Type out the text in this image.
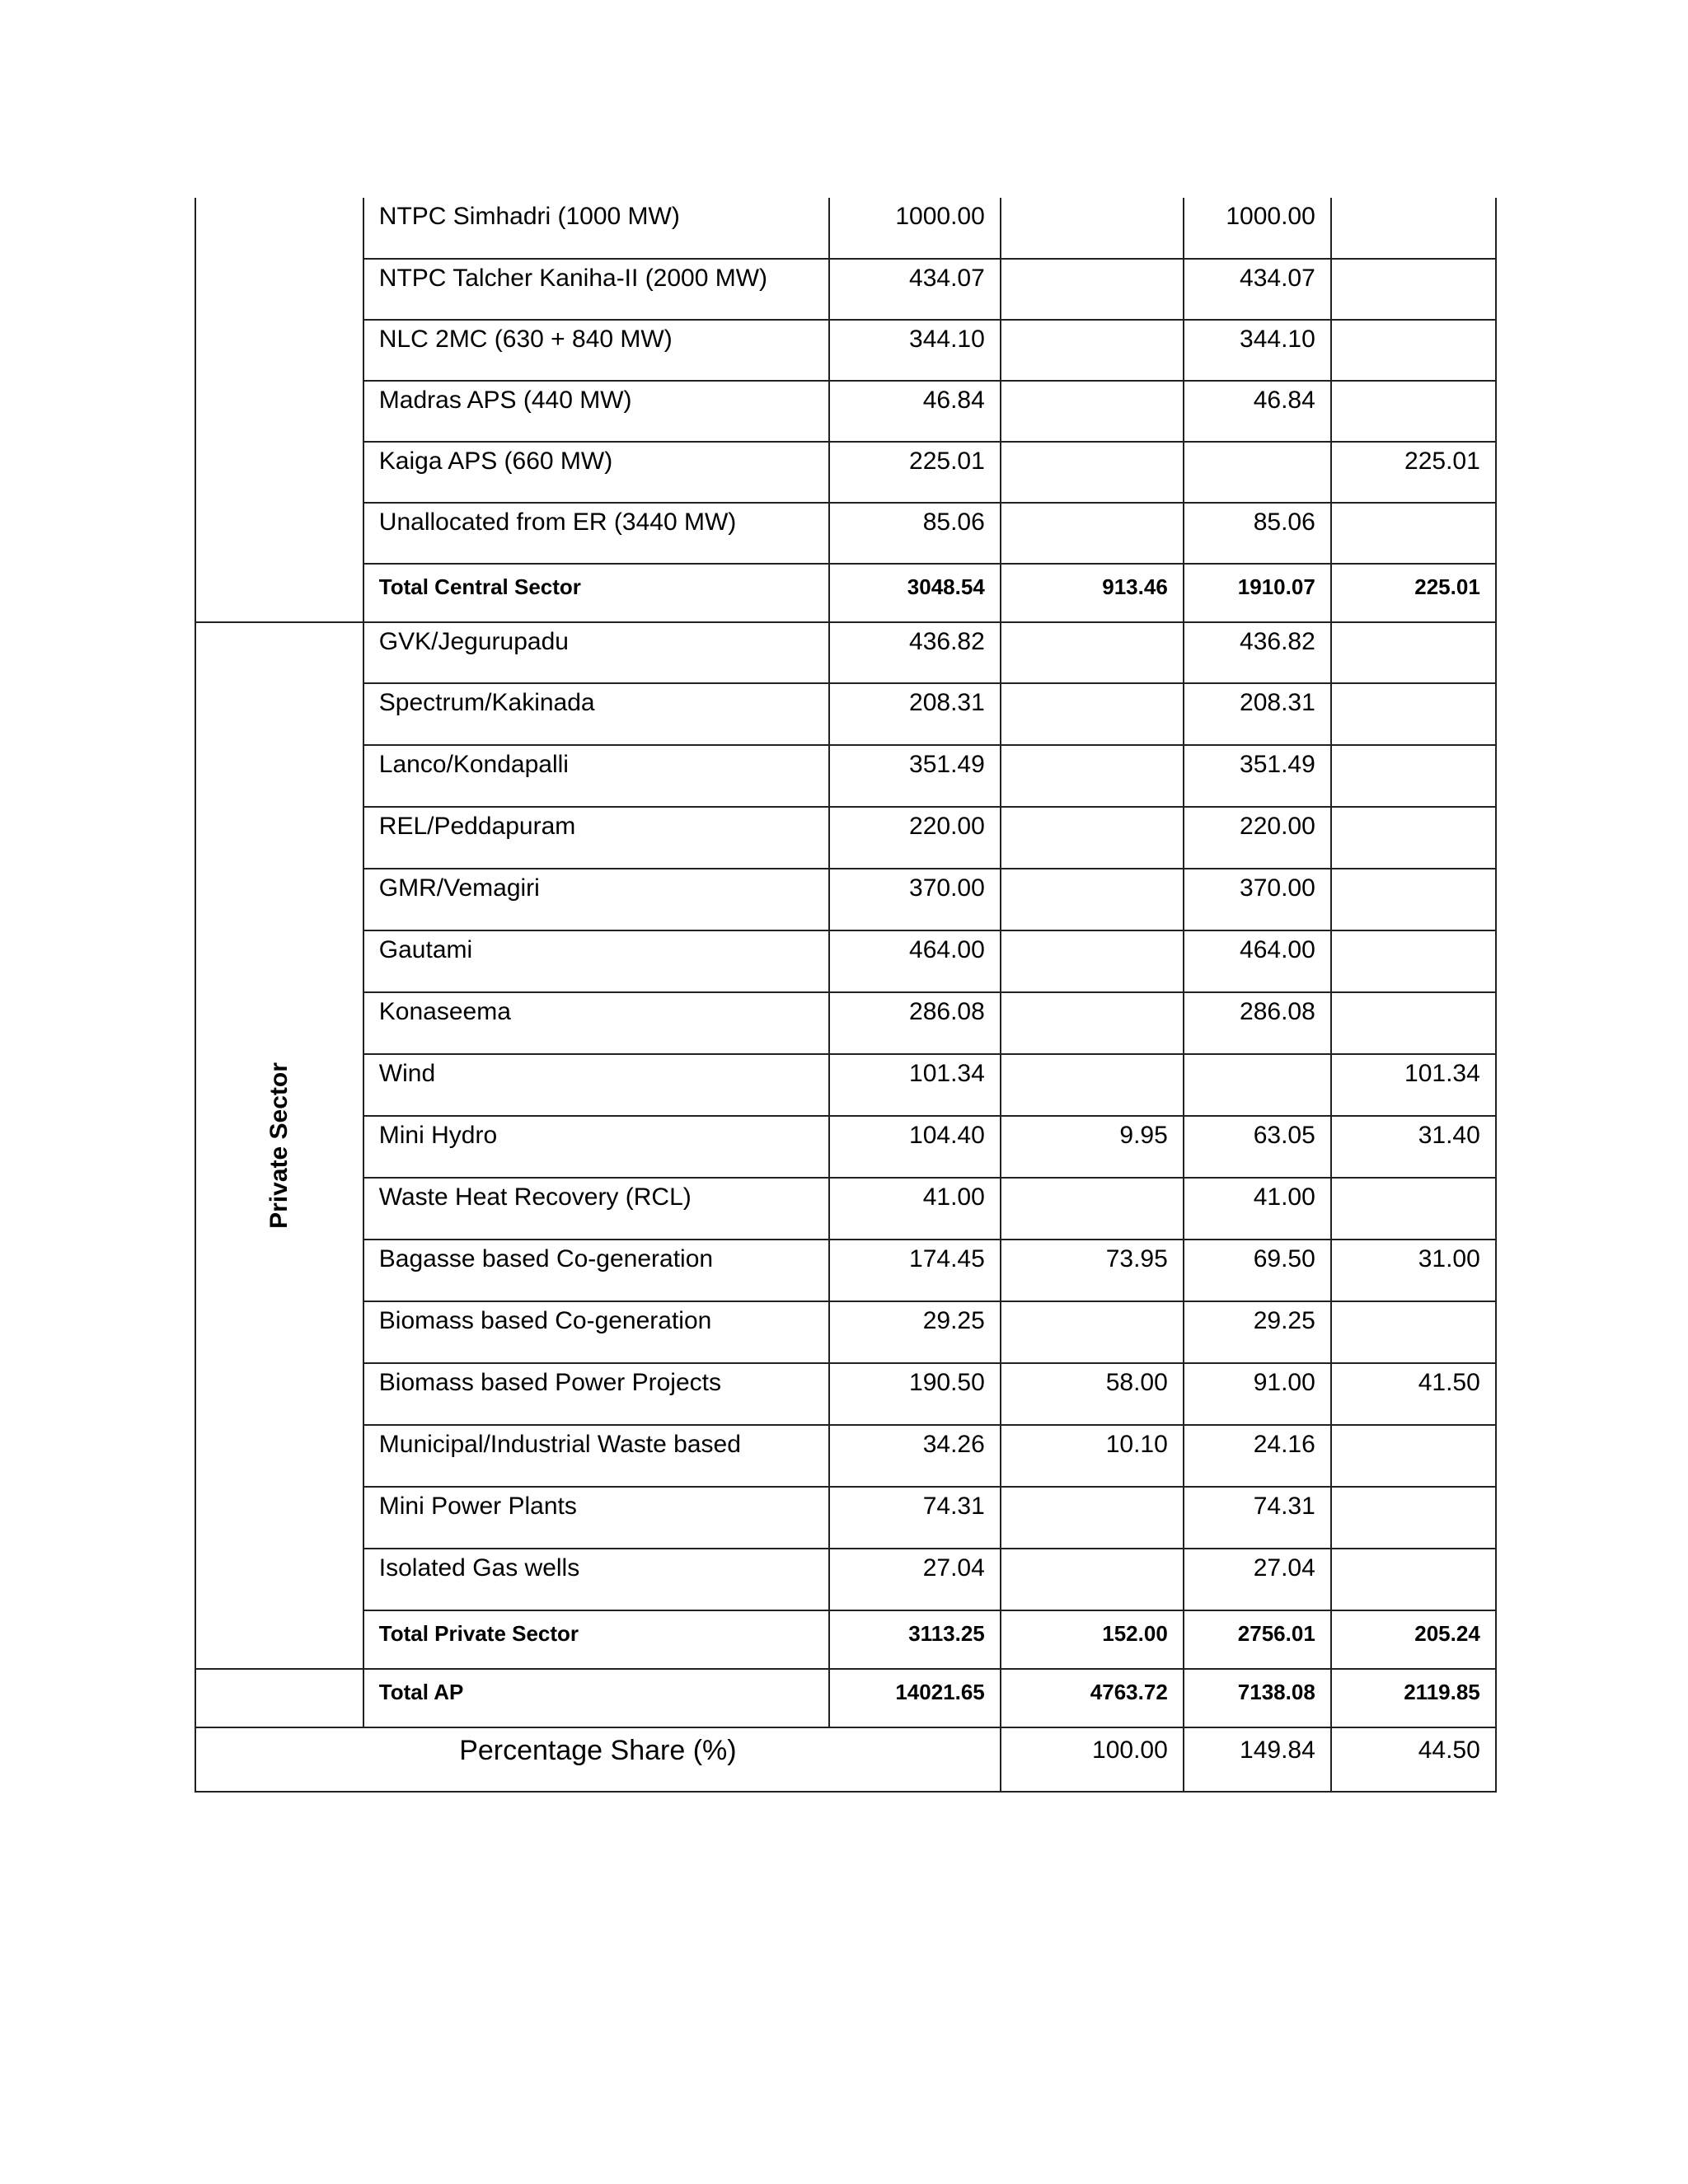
	NTPC Simhadri (1000 MW)	1000.00		1000.00	
	NTPC Talcher Kaniha-II (2000 MW)	434.07		434.07	
	NLC 2MC (630 + 840 MW)	344.10		344.10	
	Madras APS (440 MW)	46.84		46.84	
	Kaiga APS (660 MW)	225.01			225.01
	Unallocated from ER (3440 MW)	85.06		85.06	
	Total Central Sector	3048.54	913.46	1910.07	225.01
Private Sector	GVK/Jegurupadu	436.82		436.82	
	Spectrum/Kakinada	208.31		208.31	
	Lanco/Kondapalli	351.49		351.49	
	REL/Peddapuram	220.00		220.00	
	GMR/Vemagiri	370.00		370.00	
	Gautami	464.00		464.00	
	Konaseema	286.08		286.08	
	Wind	101.34			101.34
	Mini Hydro	104.40	9.95	63.05	31.40
	Waste Heat Recovery (RCL)	41.00		41.00	
	Bagasse based Co-generation	174.45	73.95	69.50	31.00
	Biomass based Co-generation	29.25		29.25	
	Biomass based Power Projects	190.50	58.00	91.00	41.50
	Municipal/Industrial Waste based	34.26	10.10	24.16	
	Mini Power Plants	74.31		74.31	
	Isolated Gas wells	27.04		27.04	
	Total Private Sector	3113.25	152.00	2756.01	205.24
	Total AP	14021.65	4763.72	7138.08	2119.85
Percentage Share (%)			100.00	149.84	44.50
